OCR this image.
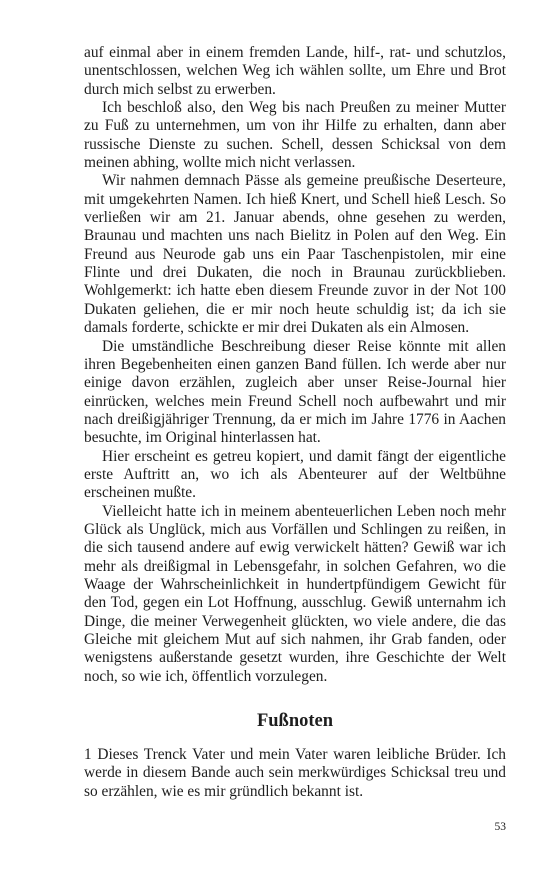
auf einmal aber in einem fremden Lande, hilf-, rat- und schutzlos, unentschlossen, welchen Weg ich wählen sollte, um Ehre und Brot durch mich selbst zu erwerben.

Ich beschloß also, den Weg bis nach Preußen zu meiner Mutter zu Fuß zu unternehmen, um von ihr Hilfe zu erhalten, dann aber russische Dienste zu suchen. Schell, dessen Schicksal von dem meinen abhing, wollte mich nicht verlassen.

Wir nahmen demnach Pässe als gemeine preußische Deserteure, mit umgekehrten Namen. Ich hieß Knert, und Schell hieß Lesch. So verließen wir am 21. Januar abends, ohne gesehen zu werden, Braunau und machten uns nach Bielitz in Polen auf den Weg. Ein Freund aus Neurode gab uns ein Paar Taschenpistolen, mir eine Flinte und drei Dukaten, die noch in Braunau zurückblieben. Wohlgemerkt: ich hatte eben diesem Freunde zuvor in der Not 100 Dukaten geliehen, die er mir noch heute schuldig ist; da ich sie damals forderte, schickte er mir drei Dukaten als ein Almosen.

Die umständliche Beschreibung dieser Reise könnte mit allen ihren Begebenheiten einen ganzen Band füllen. Ich werde aber nur einige davon erzählen, zugleich aber unser Reise-Journal hier einrücken, welches mein Freund Schell noch aufbewahrt und mir nach dreißigjähriger Trennung, da er mich im Jahre 1776 in Aachen besuchte, im Original hinterlassen hat.

Hier erscheint es getreu kopiert, und damit fängt der eigentliche erste Auftritt an, wo ich als Abenteurer auf der Weltbühne erscheinen mußte.

Vielleicht hatte ich in meinem abenteuerlichen Leben noch mehr Glück als Unglück, mich aus Vorfällen und Schlingen zu reißen, in die sich tausend andere auf ewig verwickelt hätten? Gewiß war ich mehr als dreißigmal in Lebensgefahr, in solchen Gefahren, wo die Waage der Wahrscheinlichkeit in hundertpfündigem Gewicht für den Tod, gegen ein Lot Hoffnung, ausschlug. Gewiß unternahm ich Dinge, die meiner Verwegenheit glückten, wo viele andere, die das Gleiche mit gleichem Mut auf sich nahmen, ihr Grab fanden, oder wenigstens außerstande gesetzt wurden, ihre Geschichte der Welt noch, so wie ich, öffentlich vorzulegen.

Fußnoten

1 Dieses Trenck Vater und mein Vater waren leibliche Brüder. Ich werde in diesem Bande auch sein merkwürdiges Schicksal treu und so erzählen, wie es mir gründlich bekannt ist.

53
